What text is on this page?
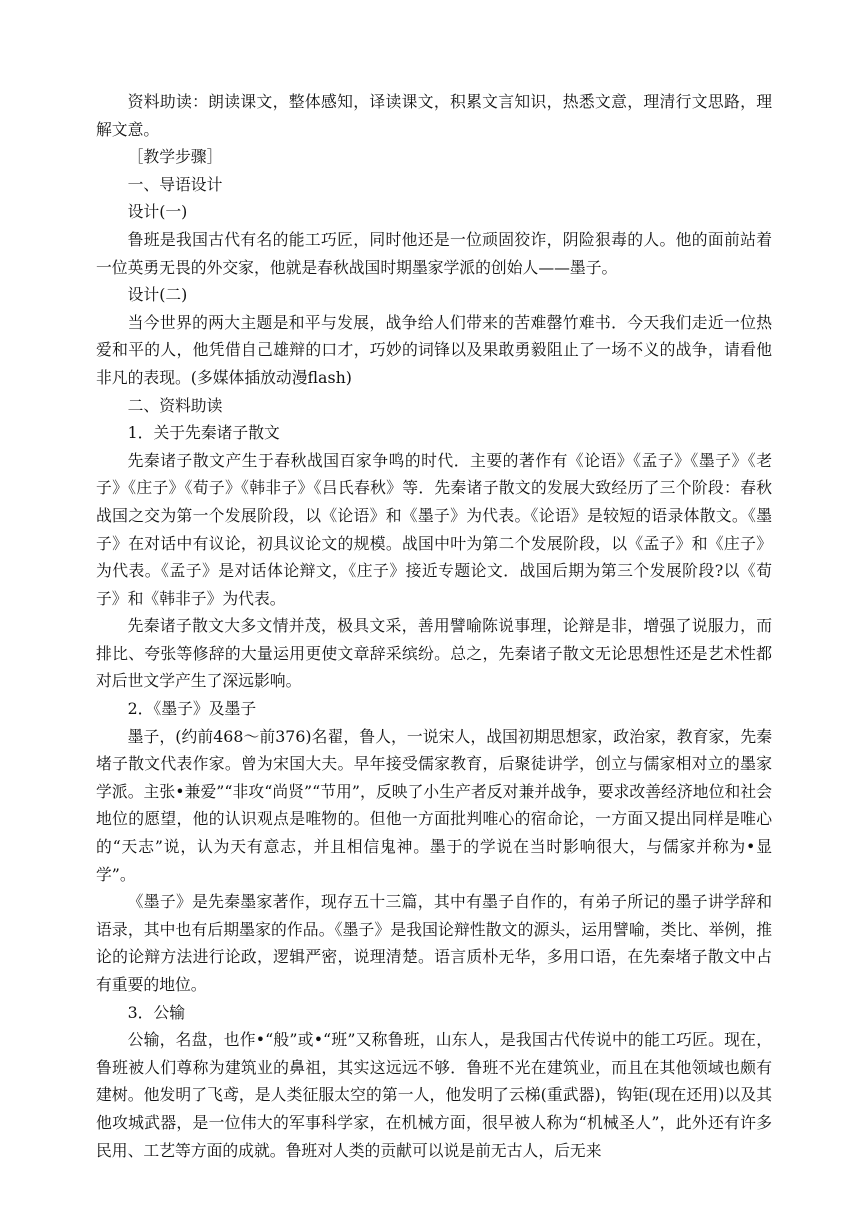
资料助读：朗读课文，整体感知，译读课文，积累文言知识，热悉文意，理清行文思路，理解文意。

［教学步骤］

一、导语设计

设计(一)

鲁班是我国古代有名的能工巧匠，同时他还是一位顽固狡诈，阴险狠毒的人。他的面前站着一位英勇无畏的外交家，他就是春秋战国时期墨家学派的创始人——墨子。

设计(二)

当今世界的两大主题是和平与发展，战争给人们带来的苦难罄竹难书．今天我们走近一位热爱和平的人，他凭借自己雄辩的口才，巧妙的词锋以及果敢勇毅阻止了一场不义的战争，请看他非凡的表现。(多媒体插放动漫flash)

二、资料助读

1．关于先秦诸子散文

先秦诸子散文产生于春秋战国百家争鸣的时代．主要的著作有《论语》《孟子》《墨子》《老子》《庄子》《荀子》《韩非子》《吕氏春秋》等．先秦诸子散文的发展大致经历了三个阶段：春秋战国之交为第一个发展阶段，以《论语》和《墨子》为代表。《论语》是较短的语录体散文。《墨子》在对话中有议论，初具议论文的规模。战国中叶为第二个发展阶段，以《孟子》和《庄子》为代表。《孟子》是对话体论辩文，《庄子》接近专题论文．战国后期为第三个发展阶段?以《荀子》和《韩非子》为代表。

先秦诸子散文大多文情并茂，极具文采，善用譬喻陈说事理，论辩是非，增强了说服力，而排比、夸张等修辞的大量运用更使文章辞采缤纷。总之，先秦诸子散文无论思想性还是艺术性都对后世文学产生了深远影响。

2．《墨子》及墨子

墨子，(约前468～前376)名翟，鲁人，一说宋人，战国初期思想家，政治家，教育家，先秦堵子散文代表作家。曾为宋国大夫。早年接受儒家教育，后聚徒讲学，创立与儒家相对立的墨家学派。主张•兼爱”“非攻“尚贤”“节用”，反映了小生产者反对兼并战争，要求改善经济地位和社会地位的愿望，他的认识观点是唯物的。但他一方面批判唯心的宿命论，一方面又提出同样是唯心的“天志”说，认为天有意志，并且相信鬼神。墨于的学说在当时影响很大，与儒家并称为•显学”。

《墨子》是先秦墨家著作，现存五十三篇，其中有墨子自作的，有弟子所记的墨子讲学辞和语录，其中也有后期墨家的作品。《墨子》是我国论辩性散文的源头，运用譬喻，类比、举例，推论的论辩方法进行论政，逻辑严密，说理清楚。语言质朴无华，多用口语，在先秦堵子散文中占有重要的地位。

3．公输

公输，名盘，也作•“般”或•“班”又称鲁班，山东人，是我国古代传说中的能工巧匠。现在，鲁班被人们尊称为建筑业的鼻祖，其实这远远不够．鲁班不光在建筑业，而且在其他领域也颇有建树。他发明了飞鸢，是人类征服太空的第一人，他发明了云梯(重武器)，钩钜(现在还用)以及其他攻城武器，是一位伟大的军事科学家，在机械方面，很早被人称为“机械圣人”，此外还有许多民用、工艺等方面的成就。鲁班对人类的贡献可以说是前无古人，后无来
